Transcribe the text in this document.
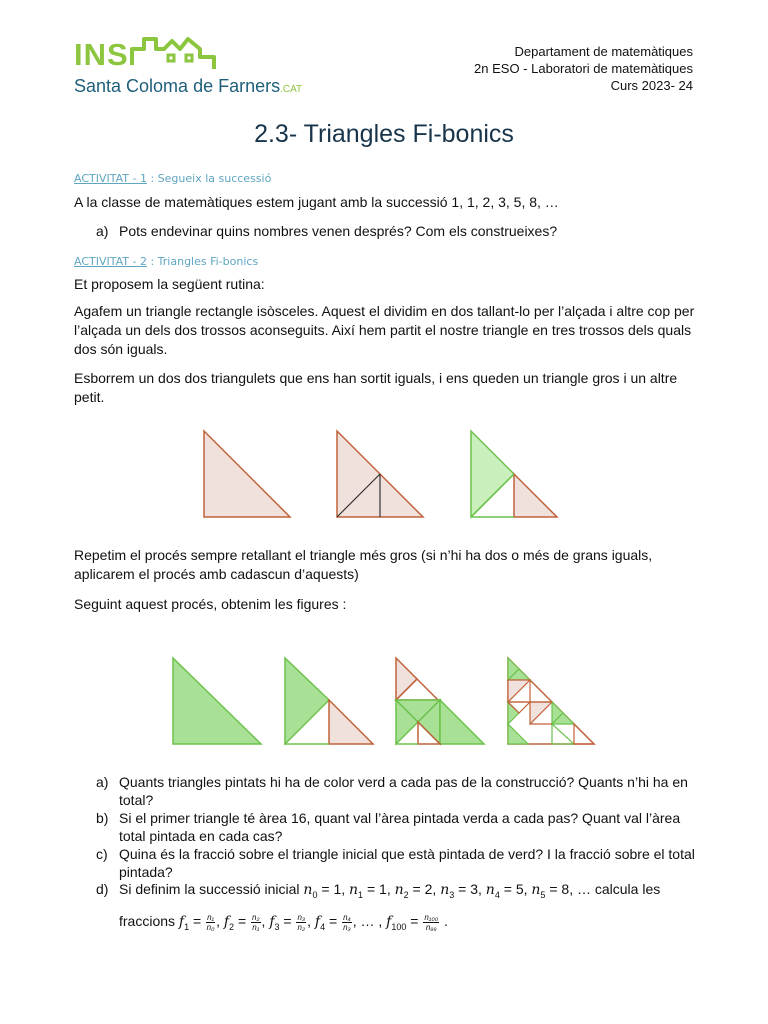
INS
Santa Coloma de Farners.CAT
Departament de matemàtiques
2n ESO - Laboratori de matemàtiques
Curs 2023- 24
2.3- Triangles Fi-bonics
ACTIVITAT - 1 : Segueix la successió
A la classe de matemàtiques estem jugant amb la successió 1, 1, 2, 3, 5, 8, …
a) Pots endevinar quins nombres venen després? Com els construeixes?
ACTIVITAT - 2 : Triangles Fi-bonics
Et proposem la següent rutina:
Agafem un triangle rectangle isòsceles. Aquest el dividim en dos tallant-lo per l’alçada i altre cop per l’alçada un dels dos trossos aconseguits. Així hem partit el nostre triangle en tres trossos dels quals dos són iguals.
Esborrem un dos dos triangulets que ens han sortit iguals, i ens queden un triangle gros i un altre petit.
Repetim el procés sempre retallant el triangle més gros (si n’hi ha dos o més de grans iguals, aplicarem el procés amb cadascun d’aquests)
Seguint aquest procés, obtenim les figures :
a) Quants triangles pintats hi ha de color verd a cada pas de la construcció? Quants n’hi ha en total?
b) Si el primer triangle té àrea 16, quant val l’àrea pintada verda a cada pas? Quant val l’àrea total pintada en cada cas?
c) Quina és la fracció sobre el triangle inicial que està pintada de verd? I la fracció sobre el total pintada?
d) Si definim la successió inicial $n_0 = 1$, $n_1 = 1$, $n_2 = 2$, $n_3 = 3$, $n_4 = 5$, $n_5 = 8$, … calcula les
fraccions $f_1 = \frac{\text{n₁}}{\text{n₀}}$ , $f_2 = \frac{\text{n₂}}{\text{n₁}}$ , $f_3 = \frac{\text{n₃}}{\text{n₂}}$ , $f_4 = \frac{\text{n₄}}{\text{n₃}}$ , … , $f_{100} = \frac{\text{n₁₀₀}}{\text{n₉₉}}$ .
